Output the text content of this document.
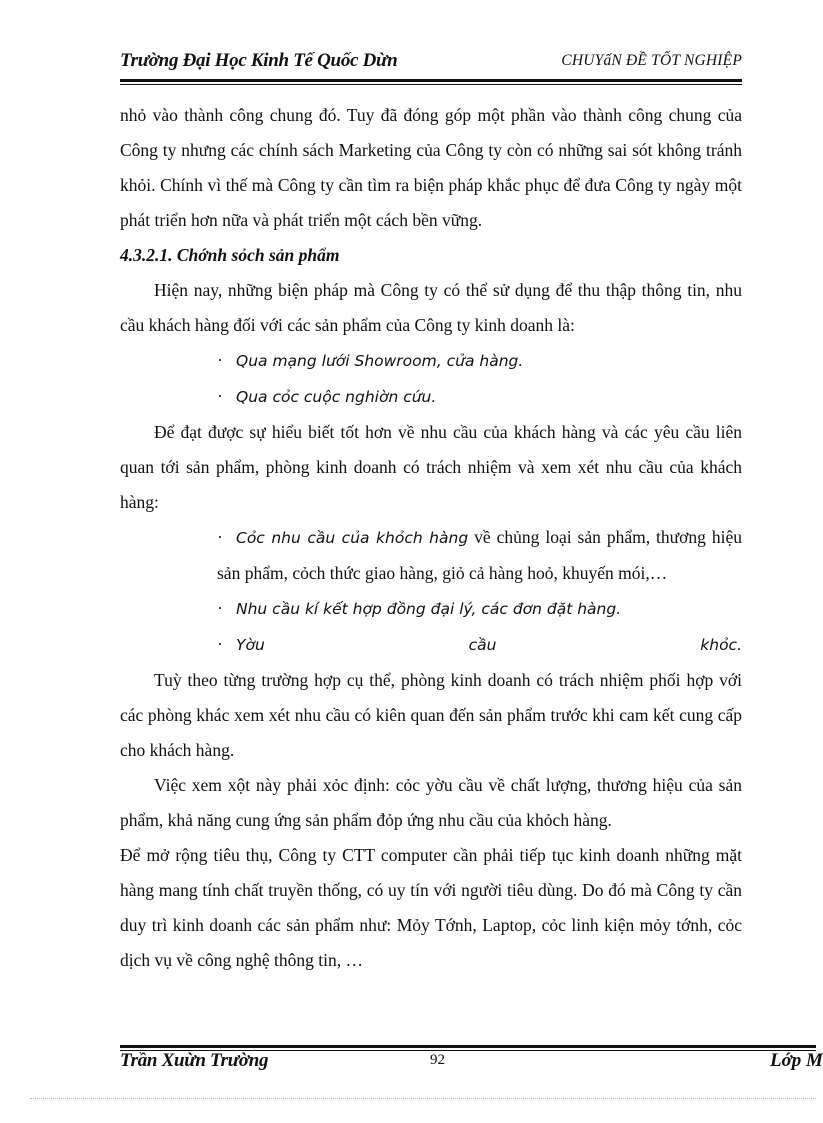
Trường Đại Học Kinh Tế Quốc Dừn	CHUYấN ĐỀ TỐT NGHIỆP

nhỏ vào thành công chung đó. Tuy đã đóng góp một phần vào thành công chung của Công ty nhưng các chính sách Marketing của Công ty còn có những sai sót không tránh khỏi. Chính vì thế mà Công ty cần tìm ra biện pháp khắc phục để đưa Công ty ngày một phát triển hơn nữa và phát triển một cách bền vững.

4.3.2.1. Chớnh sỏch sản phẩm

Hiện nay, những biện pháp mà Công ty có thể sử dụng để thu thập thông tin, nhu cầu khách hàng đối với các sản phẩm của Công ty kinh doanh là:

· Qua mạng lưới Showroom, cửa hàng.

· Qua cỏc cuộc nghiờn cứu.

Để đạt được sự hiểu biết tốt hơn về nhu cầu của khách hàng và các yêu cầu liên quan tới sản phẩm, phòng kinh doanh có trách nhiệm và xem xét nhu cầu của khách hàng:

· Cỏc nhu cầu của khỏch hàng về chủng loại sản phẩm, thương hiệu sản phẩm, cỏch thức giao hàng, giỏ cả hàng hoỏ, khuyến mói,…

· Nhu cầu kí kết hợp đồng đại lý, các đơn đặt hàng.

· Yờu	cầu	khỏc.

Tuỳ theo từng trường hợp cụ thể, phòng kinh doanh có trách nhiệm phối hợp với các phòng khác xem xét nhu cầu có kiên quan đến sản phẩm trước khi cam kết cung cấp cho khách hàng.

Việc xem xột này phải xỏc định: cỏc yờu cầu về chất lượng, thương hiệu của sản phẩm, khả năng cung ứng sản phẩm đỏp ứng nhu cầu của khỏch hàng.

Để mở rộng tiêu thụ, Công ty CTT computer cần phải tiếp tục kinh doanh những mặt hàng mang tính chất truyền thống, có uy tín với người tiêu dùng. Do đó mà Công ty cần duy trì kinh doanh các sản phẩm như: Mỏy Tớnh, Laptop, cỏc linh kiện mỏy tớnh, cỏc dịch vụ về công nghệ thông tin, …

Trần Xuừn Trường	92	Lớp M
